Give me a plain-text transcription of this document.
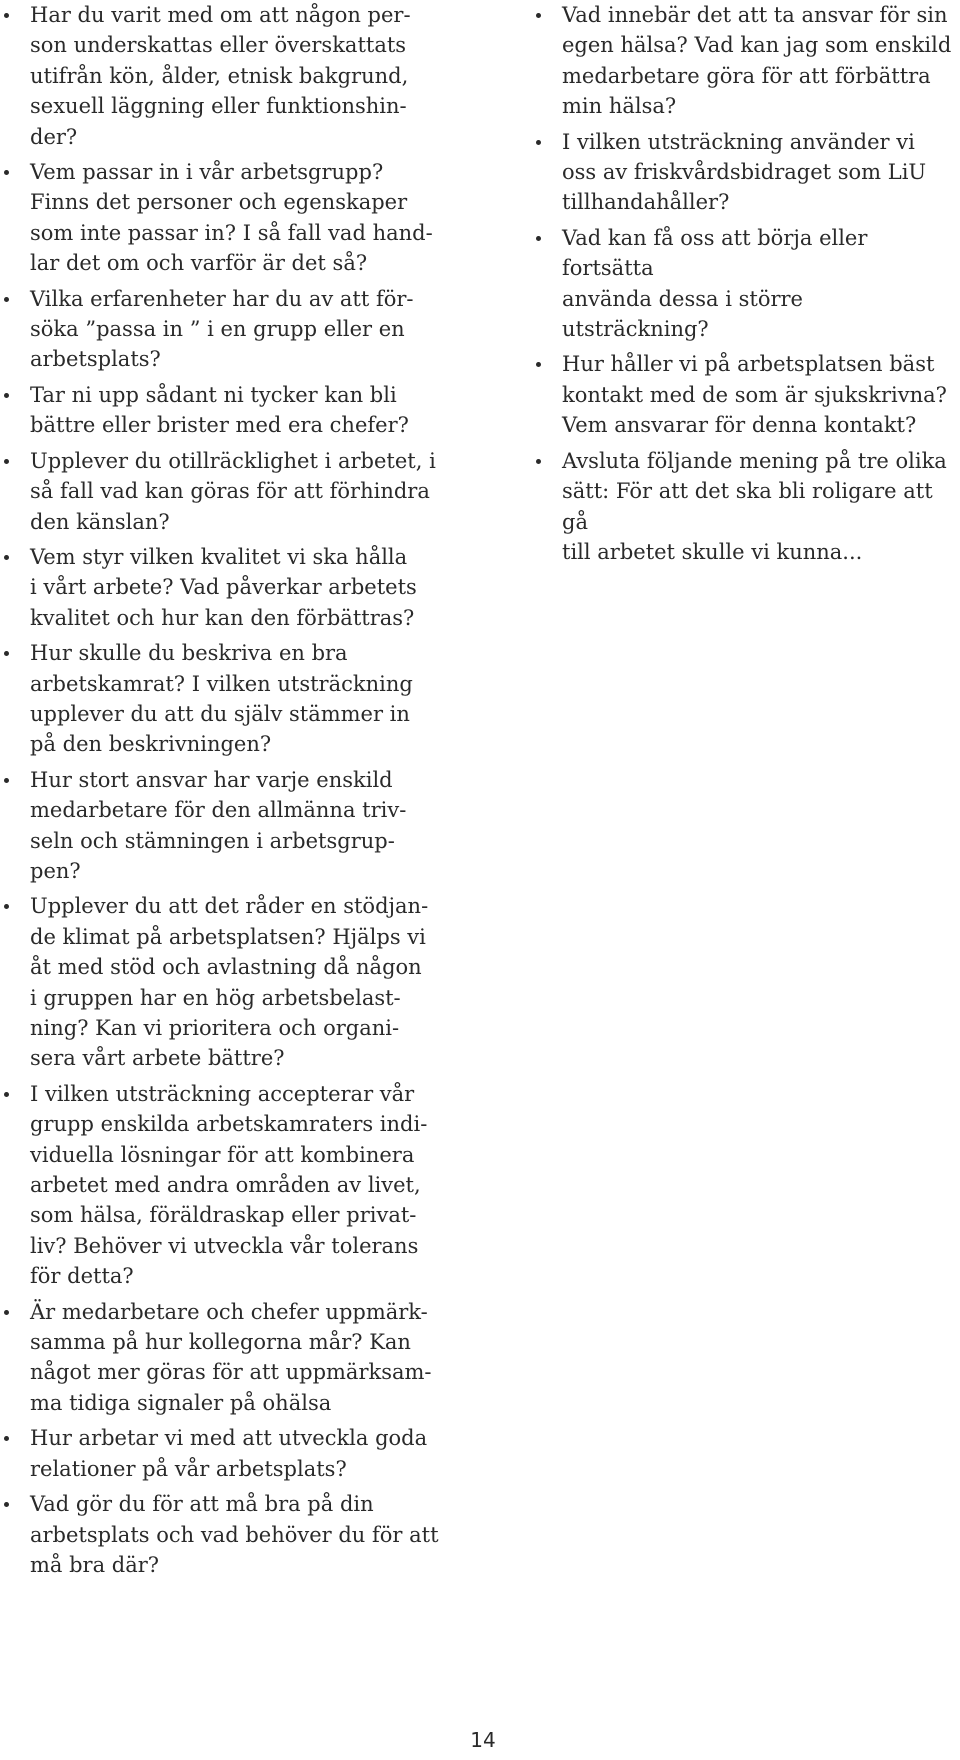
Har du varit med om att någon per-
son underskattas eller överskattats
utifrån kön, ålder, etnisk bakgrund,
sexuell läggning eller funktionshin-
der?
Vem passar in i vår arbetsgrupp?
Finns det personer och egenskaper
som inte passar in? I så fall vad hand-
lar det om och varför är det så?
Vilka erfarenheter har du av att för-
söka ”passa in ” i en grupp eller en
arbetsplats?
Tar ni upp sådant ni tycker kan bli
bättre eller brister med era chefer?
Upplever du otillräcklighet i arbetet, i
så fall vad kan göras för att förhindra
den känslan?
Vem styr vilken kvalitet vi ska hålla
i vårt arbete? Vad påverkar arbetets
kvalitet och hur kan den förbättras?
Hur skulle du beskriva en bra
arbetskamrat? I vilken utsträckning
upplever du att du själv stämmer in
på den beskrivningen?
Hur stort ansvar har varje enskild
medarbetare för den allmänna triv-
seln och stämningen i arbetsgrup-
pen?
Upplever du att det råder en stödjan-
de klimat på arbetsplatsen? Hjälps vi
åt med stöd och avlastning då någon
i gruppen har en hög arbetsbelast-
ning? Kan vi prioritera och organi-
sera vårt arbete bättre?
I vilken utsträckning accepterar vår
grupp enskilda arbetskamraters indi-
viduella lösningar för att kombinera
arbetet med andra områden av livet,
som hälsa, föräldraskap eller privat-
liv? Behöver vi utveckla vår tolerans
för detta?
Är medarbetare och chefer uppmärk-
samma på hur kollegorna mår? Kan
något mer göras för att uppmärksam-
ma tidiga signaler på ohälsa
Hur arbetar vi med att utveckla goda
relationer på vår arbetsplats?
Vad gör du för att må bra på din
arbetsplats och vad behöver du för att
må bra där?
Vad innebär det att ta ansvar för sin
egen hälsa? Vad kan jag som enskild
medarbetare göra för att förbättra
min hälsa?
I vilken utsträckning använder vi
oss av friskvårdsbidraget som LiU
tillhandahåller?
Vad kan få oss att börja eller fortsätta
använda dessa i större utsträckning?
Hur håller vi på arbetsplatsen bäst
kontakt med de som är sjukskrivna?
Vem ansvarar för denna kontakt?
Avsluta följande mening på tre olika
sätt: För att det ska bli roligare att gå
till arbetet skulle vi kunna...
14
